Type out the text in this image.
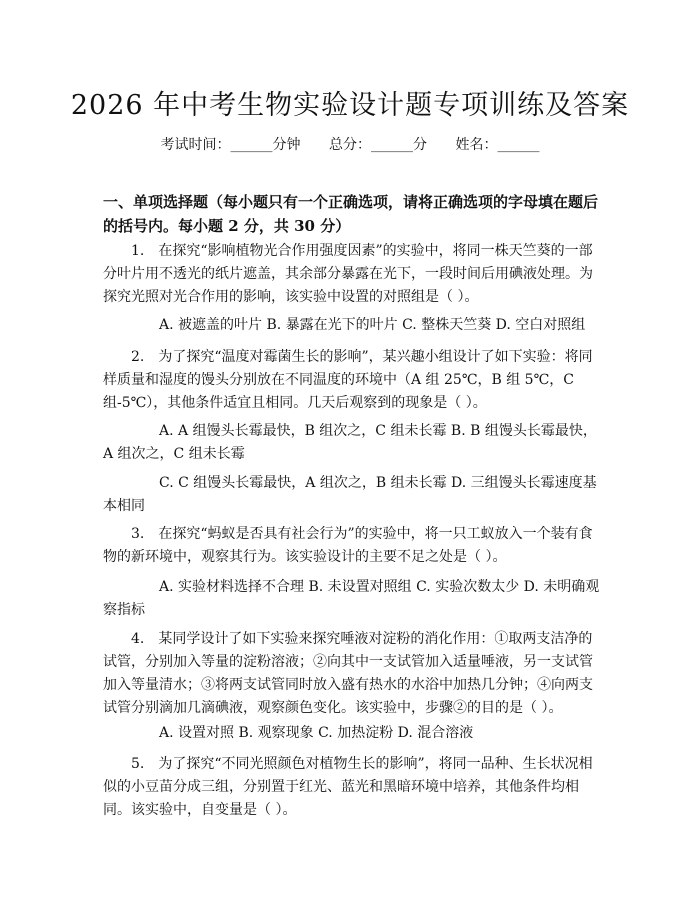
2026 年中考生物实验设计题专项训练及答案
考试时间：______分钟 总分：______分 姓名：______
一、单项选择题（每小题只有一个正确选项，请将正确选项的字母填在题后的括号内。每小题 2 分，共 30 分）
1.　在探究“影响植物光合作用强度因素”的实验中，将同一株天竺葵的一部分叶片用不透光的纸片遮盖，其余部分暴露在光下，一段时间后用碘液处理。为探究光照对光合作用的影响，该实验中设置的对照组是（ ）。
A. 被遮盖的叶片 B. 暴露在光下的叶片 C. 整株天竺葵 D. 空白对照组
2.　为了探究“温度对霉菌生长的影响”，某兴趣小组设计了如下实验：将同样质量和湿度的馒头分别放在不同温度的环境中（A 组 25℃，B 组 5℃，C 组-5℃），其他条件适宜且相同。几天后观察到的现象是（ ）。
A. A 组馒头长霉最快，B 组次之，C 组未长霉 B. B 组馒头长霉最快，A 组次之，C 组未长霉
C. C 组馒头长霉最快，A 组次之，B 组未长霉 D. 三组馒头长霉速度基本相同
3.　在探究“蚂蚁是否具有社会行为”的实验中，将一只工蚁放入一个装有食物的新环境中，观察其行为。该实验设计的主要不足之处是（ ）。
A. 实验材料选择不合理 B. 未设置对照组 C. 实验次数太少 D. 未明确观察指标
4.　某同学设计了如下实验来探究唾液对淀粉的消化作用：①取两支洁净的试管，分别加入等量的淀粉溶液；②向其中一支试管加入适量唾液，另一支试管加入等量清水；③将两支试管同时放入盛有热水的水浴中加热几分钟；④向两支试管分别滴加几滴碘液，观察颜色变化。该实验中，步骤②的目的是（ ）。
A. 设置对照 B. 观察现象 C. 加热淀粉 D. 混合溶液
5.　为了探究“不同光照颜色对植物生长的影响”，将同一品种、生长状况相似的小豆苗分成三组，分别置于红光、蓝光和黑暗环境中培养，其他条件均相同。该实验中，自变量是（ ）。
